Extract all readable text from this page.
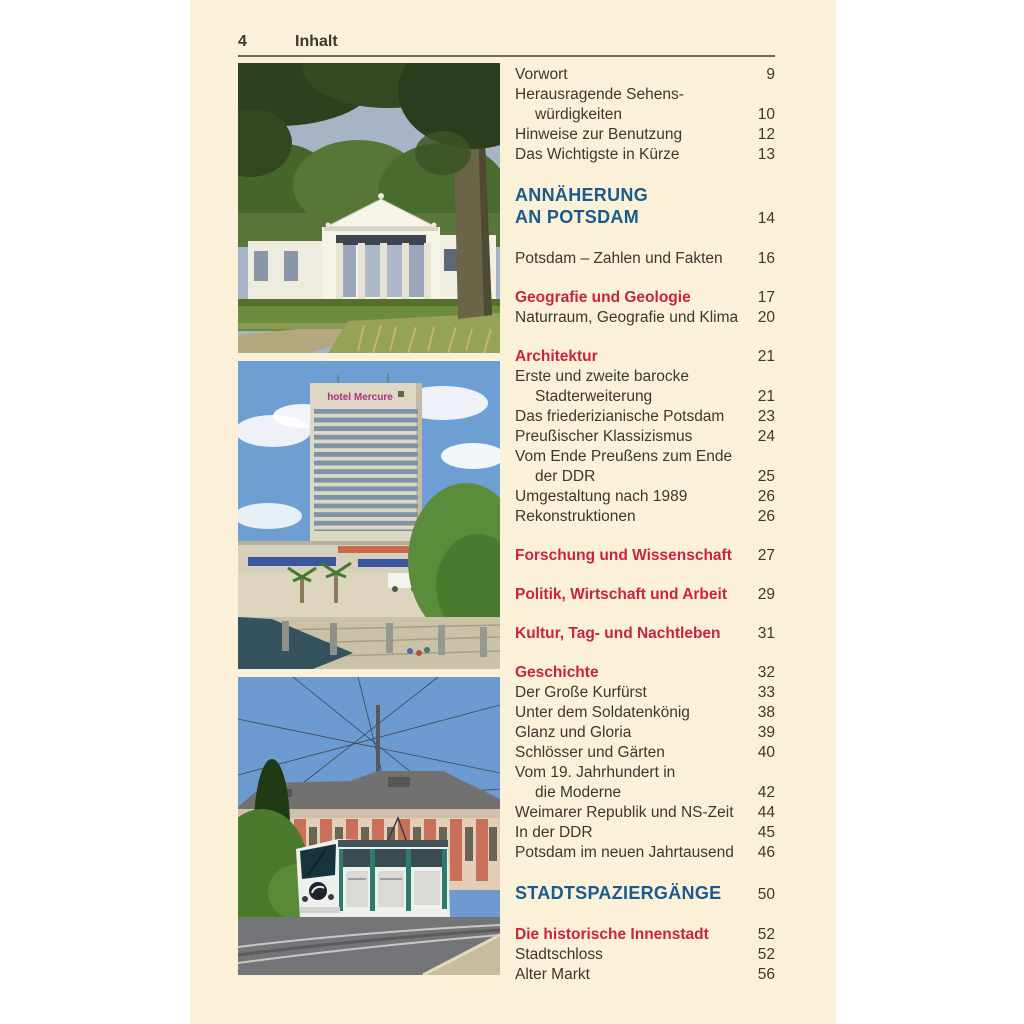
4	Inhalt
hotel Mercure
Vorwort	9
Herausragende Sehens-
würdigkeiten	10
Hinweise zur Benutzung	12
Das Wichtigste in Kürze	13
ANNÄHERUNG
AN POTSDAM	14
Potsdam – Zahlen und Fakten	16
Geografie und Geologie	17
Naturraum, Geografie und Klima	20
Architektur	21
Erste und zweite barocke
Stadterweiterung	21
Das friederizianische Potsdam	23
Preußischer Klassizismus	24
Vom Ende Preußens zum Ende
der DDR	25
Umgestaltung nach 1989	26
Rekonstruktionen	26
Forschung und Wissenschaft	27
Politik, Wirtschaft und Arbeit	29
Kultur, Tag- und Nachtleben	31
Geschichte	32
Der Große Kurfürst	33
Unter dem Soldatenkönig	38
Glanz und Gloria	39
Schlösser und Gärten	40
Vom 19. Jahrhundert in
die Moderne	42
Weimarer Republik und NS-Zeit	44
In der DDR	45
Potsdam im neuen Jahrtausend	46
STADTSPAZIERGÄNGE	50
Die historische Innenstadt	52
Stadtschloss	52
Alter Markt	56
